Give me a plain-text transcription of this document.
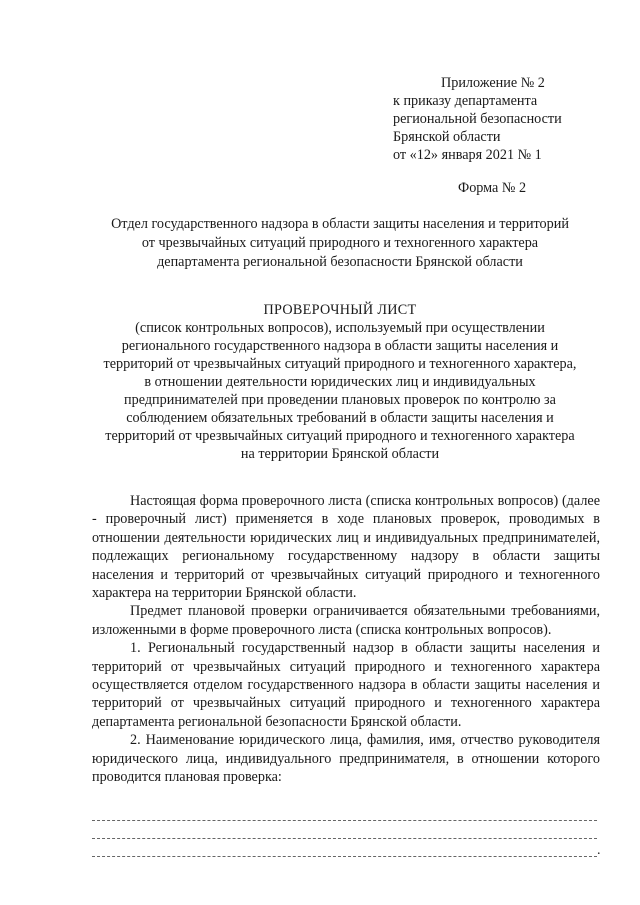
Приложение № 2
к приказу департамента
региональной безопасности
Брянской области
от «12» января 2021 № 1
Форма № 2
Отдел государственного надзора в области защиты населения и территорий
от чрезвычайных ситуаций природного и техногенного характера
департамента региональной безопасности Брянской области
ПРОВЕРОЧНЫЙ ЛИСТ
(список контрольных вопросов), используемый при осуществлении
регионального государственного надзора в области защиты населения и
территорий от чрезвычайных ситуаций природного и техногенного характера,
в отношении деятельности юридических лиц и индивидуальных
предпринимателей при проведении плановых проверок по контролю за
соблюдением обязательных требований в области защиты населения и
территорий от чрезвычайных ситуаций природного и техногенного характера
на территории Брянской области

Настоящая форма проверочного листа (списка контрольных вопросов) (далее - проверочный лист) применяется в ходе плановых проверок, проводимых в отношении деятельности юридических лиц и индивидуальных предпринимателей, подлежащих региональному государственному надзору в области защиты населения и территорий от чрезвычайных ситуаций природного и техногенного характера на территории Брянской области.

Предмет плановой проверки ограничивается обязательными требованиями, изложенными в форме проверочного листа (списка контрольных вопросов).

1. Региональный государственный надзор в области защиты населения и территорий от чрезвычайных ситуаций природного и техногенного характера осуществляется отделом государственного надзора в области защиты населения и территорий от чрезвычайных ситуаций природного и техногенного характера департамента региональной безопасности Брянской области.

2. Наименование юридического лица, фамилия, имя, отчество руководителя юридического лица, индивидуального предпринимателя, в отношении которого проводится плановая проверка:

.
